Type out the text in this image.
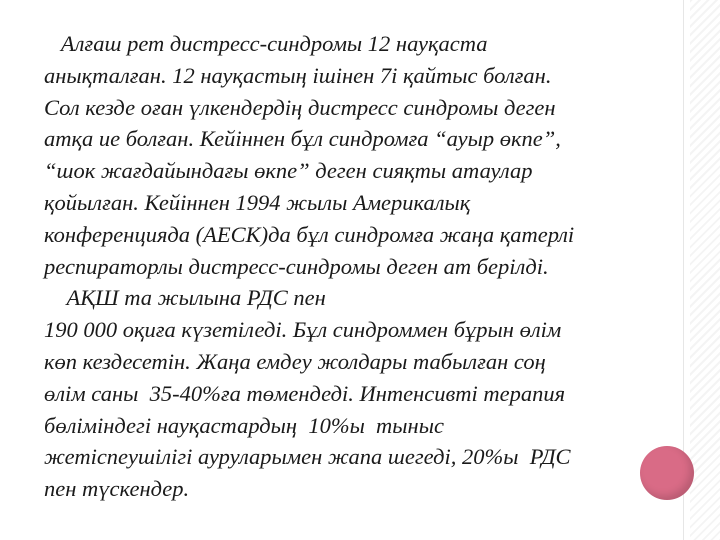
Алғаш рет дистресс-синдромы 12 науқаста
анықталған. 12 науқастың ішінен 7і қайтыс болған.
Сол кезде оған үлкендердің дистресс синдромы деген
атқа ие болған. Кейіннен бұл синдромға “ауыр өкпе”,
“шок жағдайындағы өкпе” деген сияқты атаулар
қойылған. Кейіннен 1994 жылы Америкалық
конференцияда (АЕСК)да бұл синдромға жаңа қатерлі
респираторлы дистресс-синдромы деген ат берілді.
АҚШ та жылына РДС пен
190 000 оқиға күзетіледі. Бұл синдроммен бұрын өлім
көп кездесетін. Жаңа емдеу жолдары табылған соң
өлім саны  35-40%ға төмендеді. Интенсивті терапия
бөліміндегі науқастардың  10%ы  тыныс
жетіспеушілігі ауруларымен жапа шегеді, 20%ы  РДС
пен түскендер.
